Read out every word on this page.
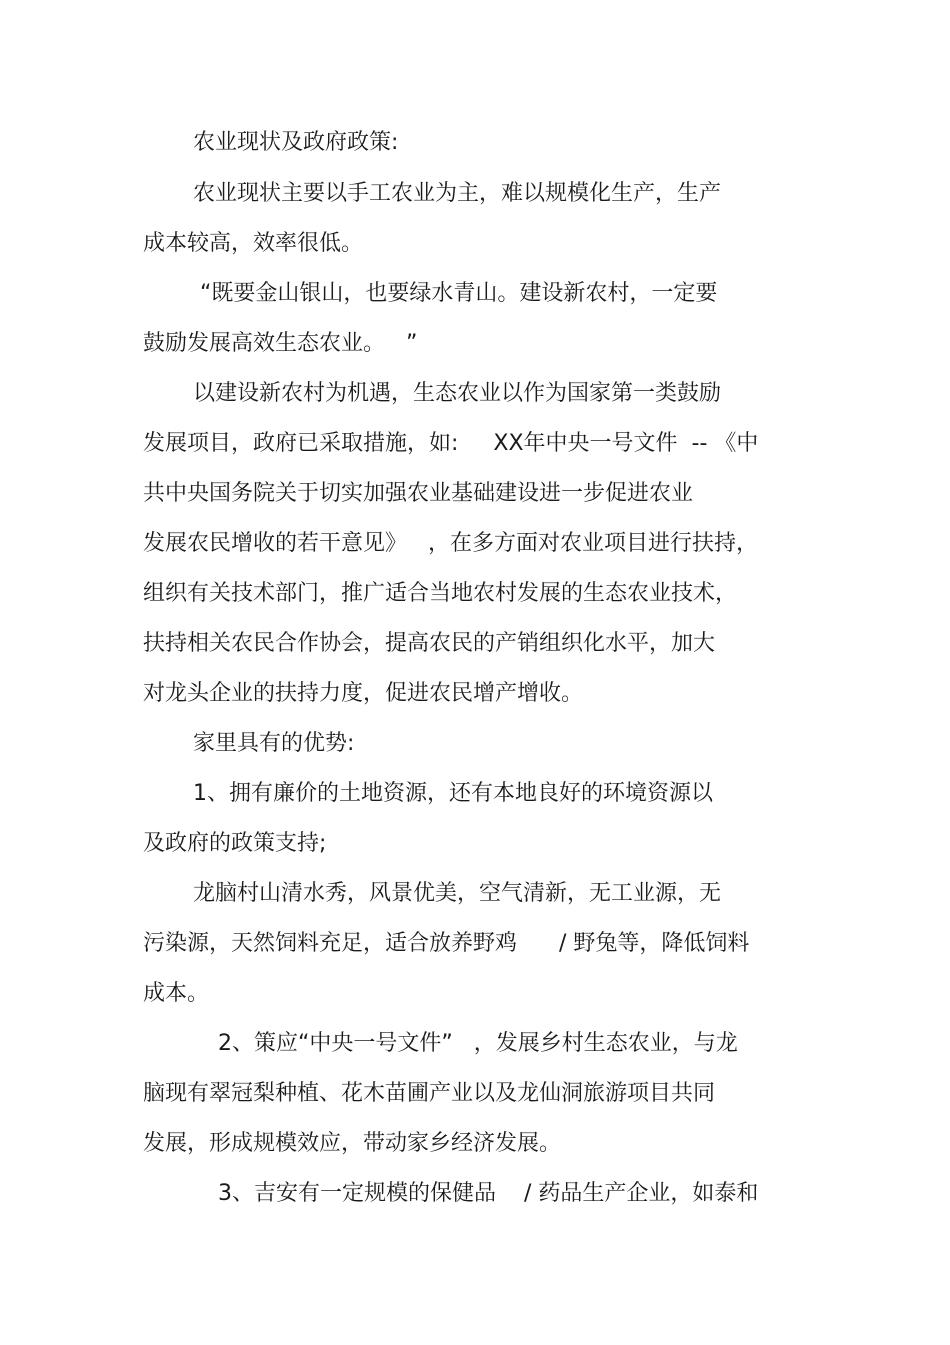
农业现状及政府政策:

农业现状主要以手工农业为主，难以规模化生产，生产

成本较高，效率很低。

“既要金山银山，也要绿水青山。建设新农村，一定要

鼓励发展高效生态农业。   ”

以建设新农村为机遇，生态农业以作为国家第一类鼓励

发展项目，政府已采取措施，如:     XX年中央一号文件  -- 《中

共中央国务院关于切实加强农业基础建设进一步促进农业

发展农民增收的若干意见》   ，在多方面对农业项目进行扶持，

组织有关技术部门，推广适合当地农村发展的生态农业技术，

扶持相关农民合作协会，提高农民的产销组织化水平，加大

对龙头企业的扶持力度，促进农民增产增收。

家里具有的优势:

1、拥有廉价的土地资源，还有本地良好的环境资源以

及政府的政策支持;

龙脑村山清水秀，风景优美，空气清新，无工业源，无

污染源，天然饲料充足，适合放养野鸡      / 野兔等，降低饲料

成本。

2、策应“中央一号文件”   ，发展乡村生态农业，与龙

脑现有翠冠梨种植、花木苗圃产业以及龙仙洞旅游项目共同

发展，形成规模效应，带动家乡经济发展。

3、吉安有一定规模的保健品    / 药品生产企业，如泰和
